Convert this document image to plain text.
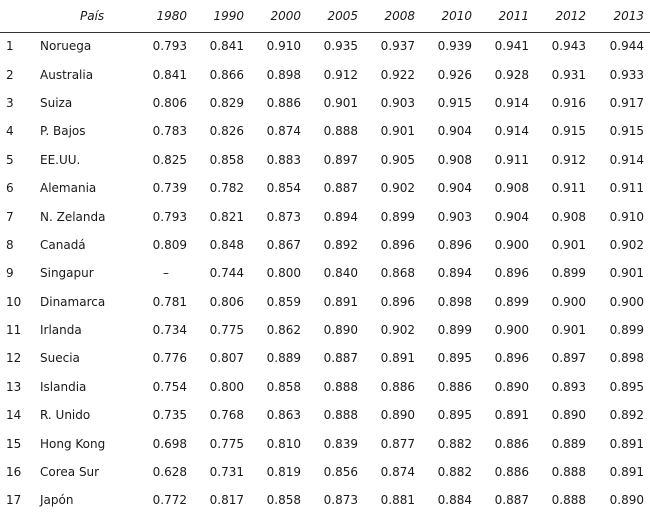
País		1980	1990	2000	2005	2008	2010	2011	2012	2013
1	Noruega	0.793	0.841	0.910	0.935	0.937	0.939	0.941	0.943	0.944
2	Australia	0.841	0.866	0.898	0.912	0.922	0.926	0.928	0.931	0.933
3	Suiza	0.806	0.829	0.886	0.901	0.903	0.915	0.914	0.916	0.917
4	P. Bajos	0.783	0.826	0.874	0.888	0.901	0.904	0.914	0.915	0.915
5	EE.UU.	0.825	0.858	0.883	0.897	0.905	0.908	0.911	0.912	0.914
6	Alemania	0.739	0.782	0.854	0.887	0.902	0.904	0.908	0.911	0.911
7	N. Zelanda	0.793	0.821	0.873	0.894	0.899	0.903	0.904	0.908	0.910
8	Canadá	0.809	0.848	0.867	0.892	0.896	0.896	0.900	0.901	0.902
9	Singapur	–	0.744	0.800	0.840	0.868	0.894	0.896	0.899	0.901
10	Dinamarca	0.781	0.806	0.859	0.891	0.896	0.898	0.899	0.900	0.900
11	Irlanda	0.734	0.775	0.862	0.890	0.902	0.899	0.900	0.901	0.899
12	Suecia	0.776	0.807	0.889	0.887	0.891	0.895	0.896	0.897	0.898
13	Islandia	0.754	0.800	0.858	0.888	0.886	0.886	0.890	0.893	0.895
14	R. Unido	0.735	0.768	0.863	0.888	0.890	0.895	0.891	0.890	0.892
15	Hong Kong	0.698	0.775	0.810	0.839	0.877	0.882	0.886	0.889	0.891
16	Corea Sur	0.628	0.731	0.819	0.856	0.874	0.882	0.886	0.888	0.891
17	Japón	0.772	0.817	0.858	0.873	0.881	0.884	0.887	0.888	0.890
